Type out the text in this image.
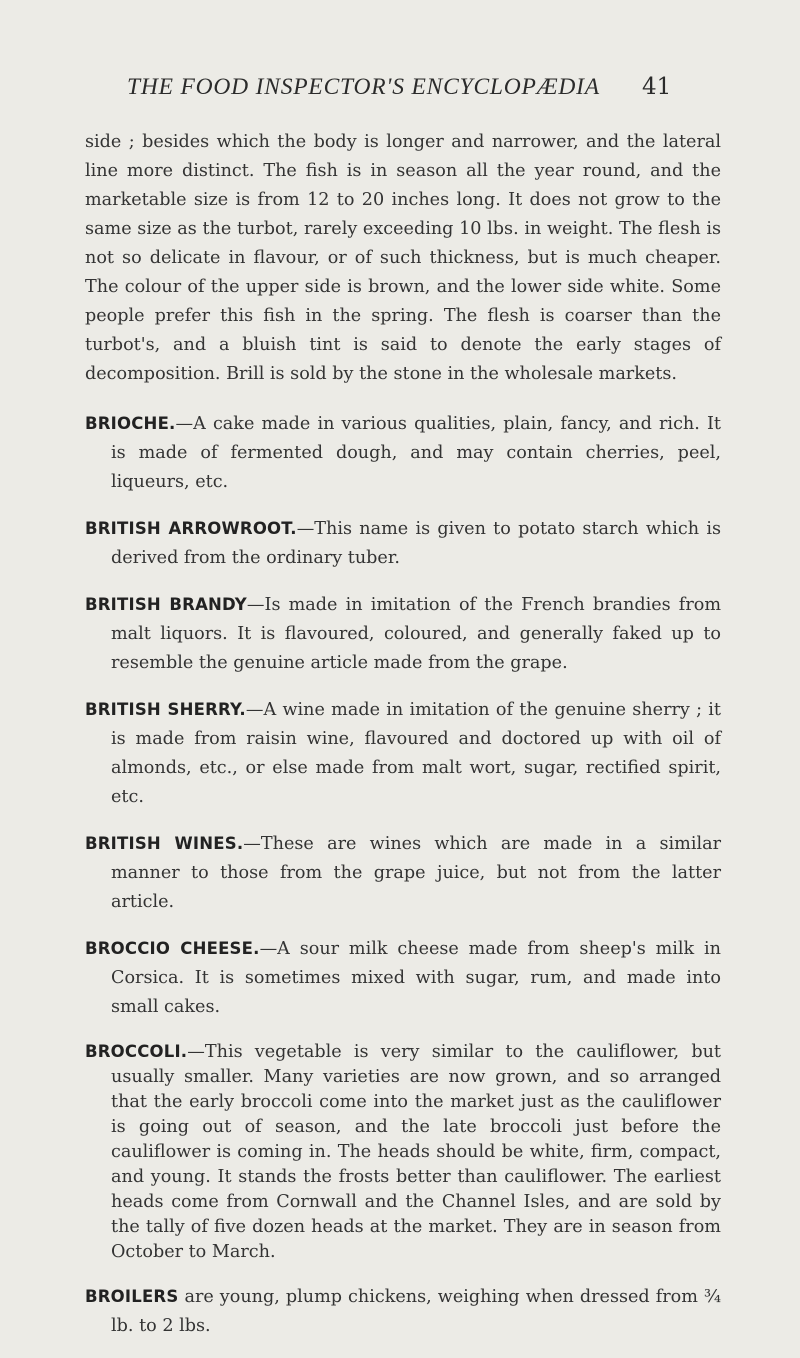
THE FOOD INSPECTOR'S ENCYCLOPÆDIA 41

side ; besides which the body is longer and narrower, and the lateral line more distinct. The fish is in season all the year round, and the marketable size is from 12 to 20 inches long. It does not grow to the same size as the turbot, rarely exceeding 10 lbs. in weight. The flesh is not so delicate in flavour, or of such thickness, but is much cheaper. The colour of the upper side is brown, and the lower side white. Some people prefer this fish in the spring. The flesh is coarser than the turbot's, and a bluish tint is said to denote the early stages of decomposition. Brill is sold by the stone in the wholesale markets.

BRIOCHE.—A cake made in various qualities, plain, fancy, and rich. It is made of fermented dough, and may contain cherries, peel, liqueurs, etc.

BRITISH ARROWROOT.—This name is given to potato starch which is derived from the ordinary tuber.

BRITISH BRANDY—Is made in imitation of the French brandies from malt liquors. It is flavoured, coloured, and generally faked up to resemble the genuine article made from the grape.

BRITISH SHERRY.—A wine made in imitation of the genuine sherry ; it is made from raisin wine, flavoured and doctored up with oil of almonds, etc., or else made from malt wort, sugar, rectified spirit, etc.

BRITISH WINES.—These are wines which are made in a similar manner to those from the grape juice, but not from the latter article.

BROCCIO CHEESE.—A sour milk cheese made from sheep's milk in Corsica. It is sometimes mixed with sugar, rum, and made into small cakes.

BROCCOLI.—This vegetable is very similar to the cauliflower, but usually smaller. Many varieties are now grown, and so arranged that the early broccoli come into the market just as the cauliflower is going out of season, and the late broccoli just before the cauliflower is coming in. The heads should be white, firm, compact, and young. It stands the frosts better than cauliflower. The earliest heads come from Cornwall and the Channel Isles, and are sold by the tally of five dozen heads at the market. They are in season from October to March.

BROILERS are young, plump chickens, weighing when dressed from ¾ lb. to 2 lbs.
